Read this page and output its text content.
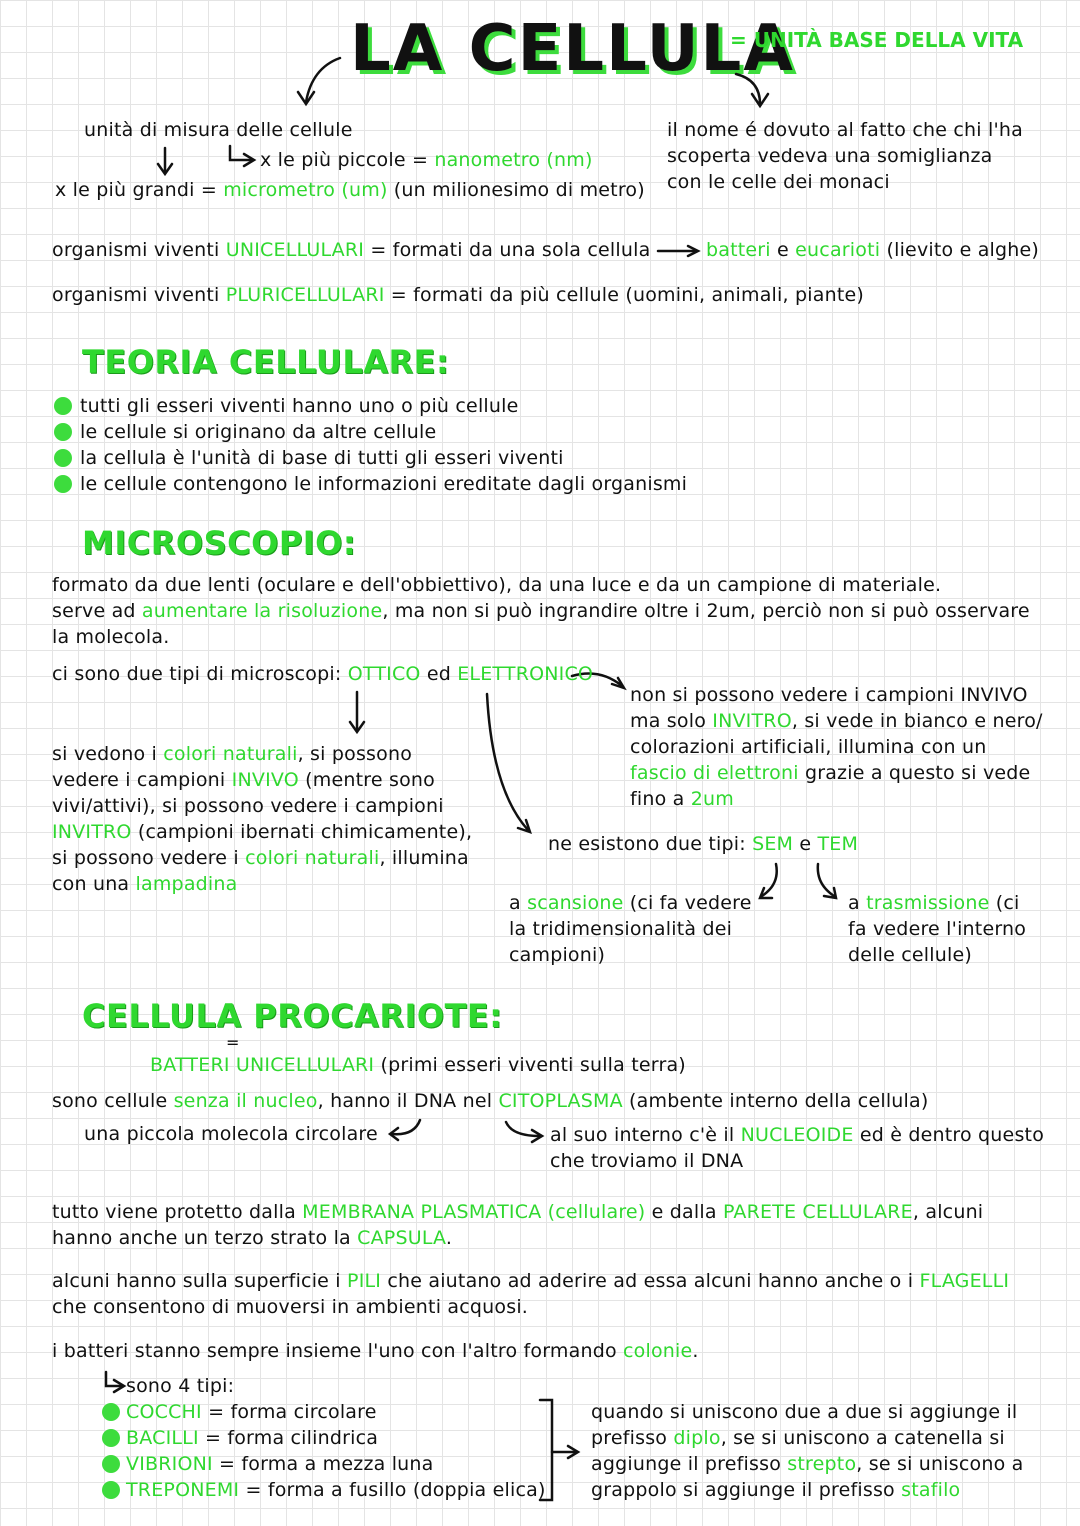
LA CELLULA
= UNITÀ BASE DELLA VITA
unità di misura delle cellule
x le più piccole = nanometro (nm)
x le più grandi = micrometro (um) (un milionesimo di metro)
il nome é dovuto al fatto che chi l'ha
scoperta vedeva una somiglianza
con le celle dei monaci
organismi viventi UNICELLULARI = formati da una sola cellula	batteri e eucarioti (lievito e alghe)
organismi viventi PLURICELLULARI = formati da più cellule (uomini, animali, piante)
TEORIA CELLULARE:
tutti gli esseri viventi hanno uno o più cellule
le cellule si originano da altre cellule
la cellula è l'unità di base di tutti gli esseri viventi
le cellule contengono le informazioni ereditate dagli organismi
MICROSCOPIO:
formato da due lenti (oculare e dell'obbiettivo), da una luce e da un campione di materiale.
serve ad aumentare la risoluzione, ma non si può ingrandire oltre i 2um, perciò non si può osservare
la molecola.
ci sono due tipi di microscopi: OTTICO ed ELETTRONICO
si vedono i colori naturali, si possono
vedere i campioni INVIVO (mentre sono
vivi/attivi), si possono vedere i campioni
INVITRO (campioni ibernati chimicamente),
si possono vedere i colori naturali, illumina
con una lampadina
non si possono vedere i campioni INVIVO
ma solo INVITRO, si vede in bianco e nero/
colorazioni artificiali, illumina con un
fascio di elettroni grazie a questo si vede
fino a 2um
ne esistono due tipi: SEM e TEM
a scansione (ci fa vedere
la tridimensionalità dei
campioni)
a trasmissione (ci
fa vedere l'interno
delle cellule)
CELLULA PROCARIOTE:
=
BATTERI UNICELLULARI (primi esseri viventi sulla terra)
sono cellule senza il nucleo, hanno il DNA nel CITOPLASMA (ambente interno della cellula)
una piccola molecola circolare	al suo interno c'è il NUCLEOIDE ed è dentro questo
che troviamo il DNA
tutto viene protetto dalla MEMBRANA PLASMATICA (cellulare) e dalla PARETE CELLULARE, alcuni
hanno anche un terzo strato la CAPSULA.
alcuni hanno sulla superficie i PILI che aiutano ad aderire ad essa alcuni hanno anche o i FLAGELLI
che consentono di muoversi in ambienti acquosi.
i batteri stanno sempre insieme l'uno con l'altro formando colonie.
sono 4 tipi:
COCCHI = forma circolare
BACILLI = forma cilindrica
VIBRIONI = forma a mezza luna
TREPONEMI = forma a fusillo (doppia elica)
quando si uniscono due a due si aggiunge il
prefisso diplo, se si uniscono a catenella si
aggiunge il prefisso strepto, se si uniscono a
grappolo si aggiunge il prefisso stafilo
